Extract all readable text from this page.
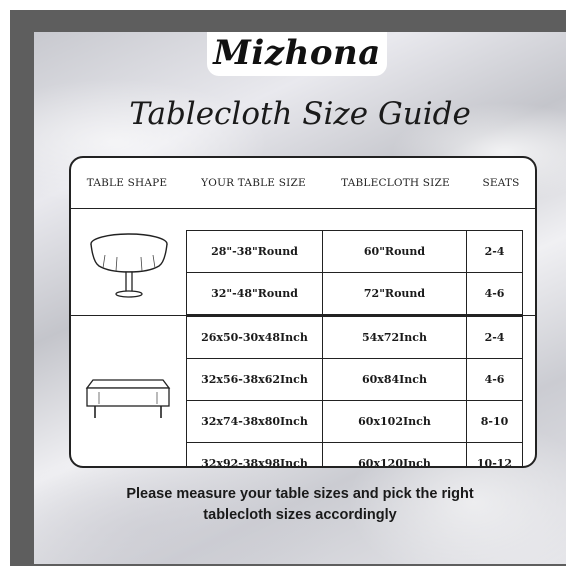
Mizhona
Tablecloth Size Guide
TABLE SHAPE	YOUR TABLE SIZE	TABLECLOTH SIZE	SEATS
28"-38"Round	60"Round	2-4
32"-48"Round	72"Round	4-6
26x50-30x48Inch	54x72Inch	2-4
32x56-38x62Inch	60x84Inch	4-6
32x74-38x80Inch	60x102Inch	8-10
32x92-38x98Inch	60x120Inch	10-12
Please measure your table sizes and pick the right
tablecloth sizes accordingly
